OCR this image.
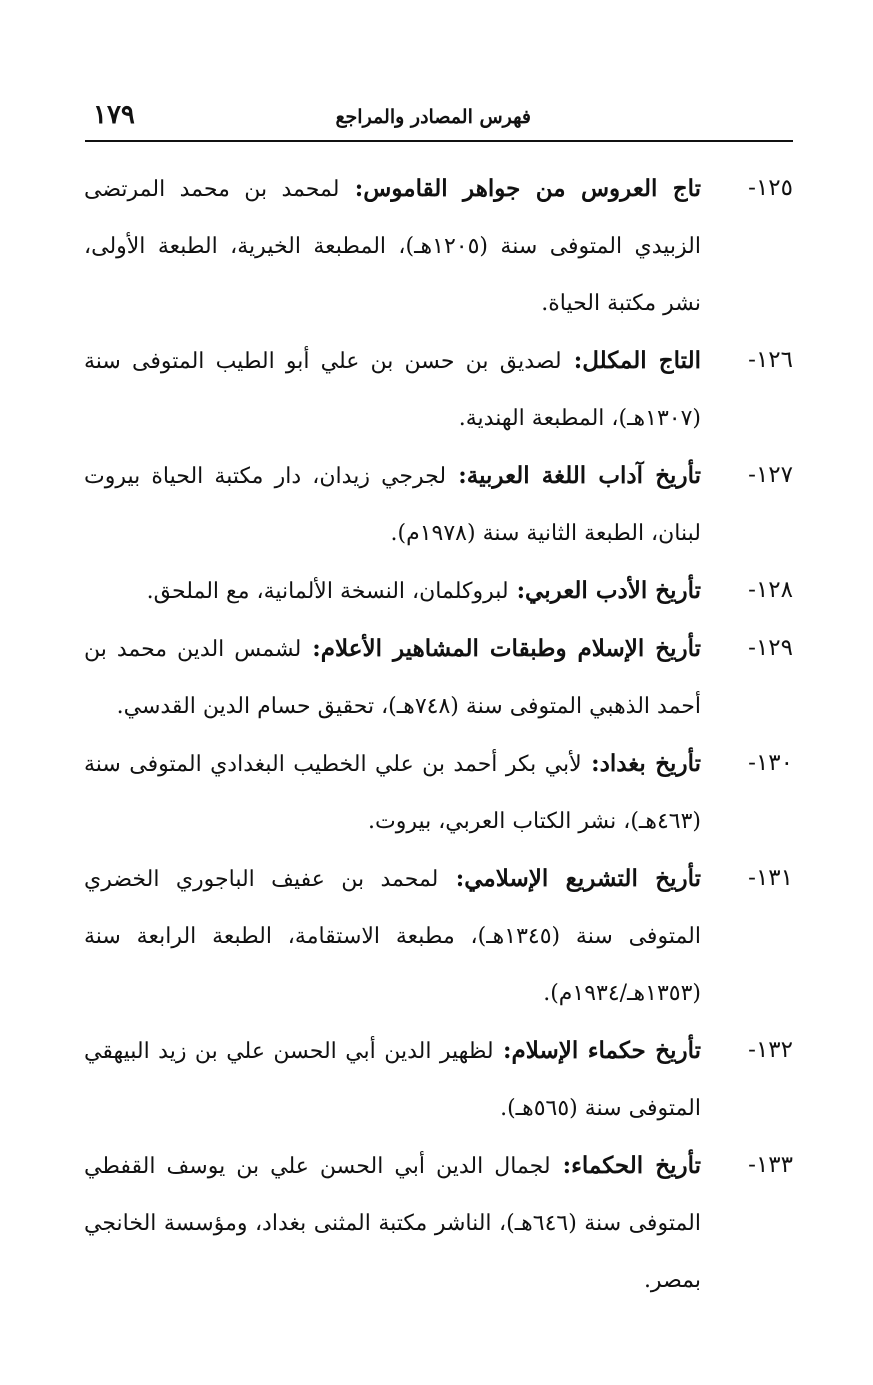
فهرس المصادر والمراجع
١٧٩
١٢٥-
تاج العروس من جواهر القاموس: لمحمد بن محمد المرتضى الزبيدي المتوفى سنة (١٢٠٥هـ)، المطبعة الخيرية، الطبعة الأولى، نشر مكتبة الحياة.
١٢٦-
التاج المكلل: لصديق بن حسن بن علي أبو الطيب المتوفى سنة (١٣٠٧هـ)، المطبعة الهندية.
١٢٧-
تأريخ آداب اللغة العربية: لجرجي زيدان، دار مكتبة الحياة بيروت لبنان، الطبعة الثانية سنة (١٩٧٨م).
١٢٨-
تأريخ الأدب العربي: لبروكلمان، النسخة الألمانية، مع الملحق.
١٢٩-
تأريخ الإسلام وطبقات المشاهير الأعلام: لشمس الدين محمد بن أحمد الذهبي المتوفى سنة (٧٤٨هـ)، تحقيق حسام الدين القدسي.
١٣٠-
تأريخ بغداد: لأبي بكر أحمد بن علي الخطيب البغدادي المتوفى سنة (٤٦٣هـ)، نشر الكتاب العربي، بيروت.
١٣١-
تأريخ التشريع الإسلامي: لمحمد بن عفيف الباجوري الخضري المتوفى سنة (١٣٤٥هـ)، مطبعة الاستقامة، الطبعة الرابعة سنة (١٣٥٣هـ/١٩٣٤م).
١٣٢-
تأريخ حكماء الإسلام: لظهير الدين أبي الحسن علي بن زيد البيهقي المتوفى سنة (٥٦٥هـ).
١٣٣-
تأريخ الحكماء: لجمال الدين أبي الحسن علي بن يوسف القفطي المتوفى سنة (٦٤٦هـ)، الناشر مكتبة المثنى بغداد، ومؤسسة الخانجي بمصر.
